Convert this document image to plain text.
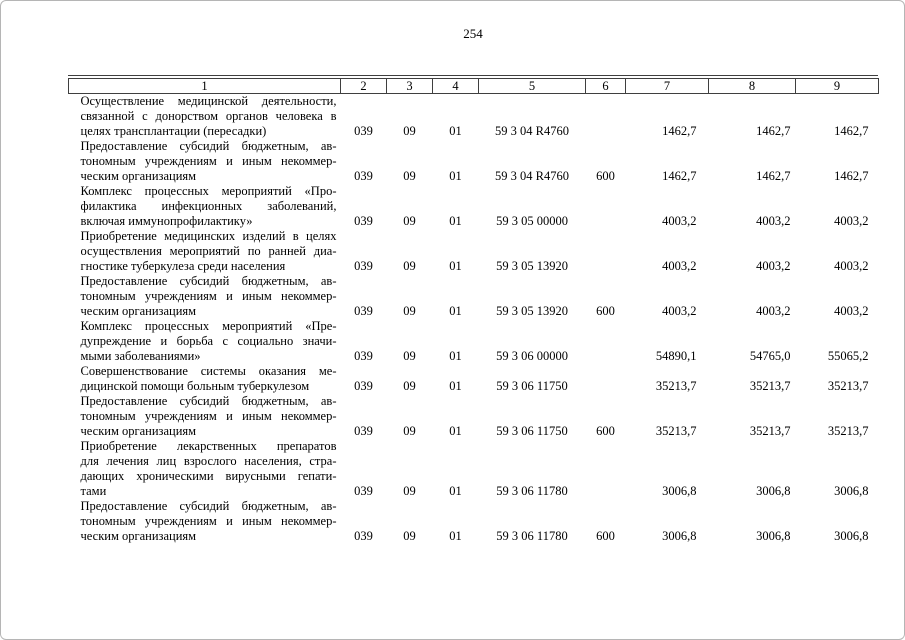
254
1	2	3	4	5	6	7	8	9

Осуществление медицинской деятельности,
связанной с донорством органов человека в
целях трансплантации (пересадки)	039	09	01	59 3 04 R4760		1462,7	1462,7	1462,7

Предоставление субсидий бюджетным, ав-
тономным учреждениям и иным некоммер-
ческим организациям	039	09	01	59 3 04 R4760	600	1462,7	1462,7	1462,7

Комплекс процессных мероприятий «Про-
филактика инфекционных заболеваний,
включая иммунопрофилактику»	039	09	01	59 3 05 00000		4003,2	4003,2	4003,2

Приобретение медицинских изделий в целях
осуществления мероприятий по ранней диа-
гностике туберкулеза среди населения	039	09	01	59 3 05 13920		4003,2	4003,2	4003,2

Предоставление субсидий бюджетным, ав-
тономным учреждениям и иным некоммер-
ческим организациям	039	09	01	59 3 05 13920	600	4003,2	4003,2	4003,2

Комплекс процессных мероприятий «Пре-
дупреждение и борьба с социально значи-
мыми заболеваниями»	039	09	01	59 3 06 00000		54890,1	54765,0	55065,2

Совершенствование системы оказания ме-
дицинской помощи больным туберкулезом	039	09	01	59 3 06 11750		35213,7	35213,7	35213,7

Предоставление субсидий бюджетным, ав-
тономным учреждениям и иным некоммер-
ческим организациям	039	09	01	59 3 06 11750	600	35213,7	35213,7	35213,7

Приобретение лекарственных препаратов
для лечения лиц взрослого населения, стра-
дающих хроническими вирусными гепати-
тами	039	09	01	59 3 06 11780		3006,8	3006,8	3006,8

Предоставление субсидий бюджетным, ав-
тономным учреждениям и иным некоммер-
ческим организациям	039	09	01	59 3 06 11780	600	3006,8	3006,8	3006,8
